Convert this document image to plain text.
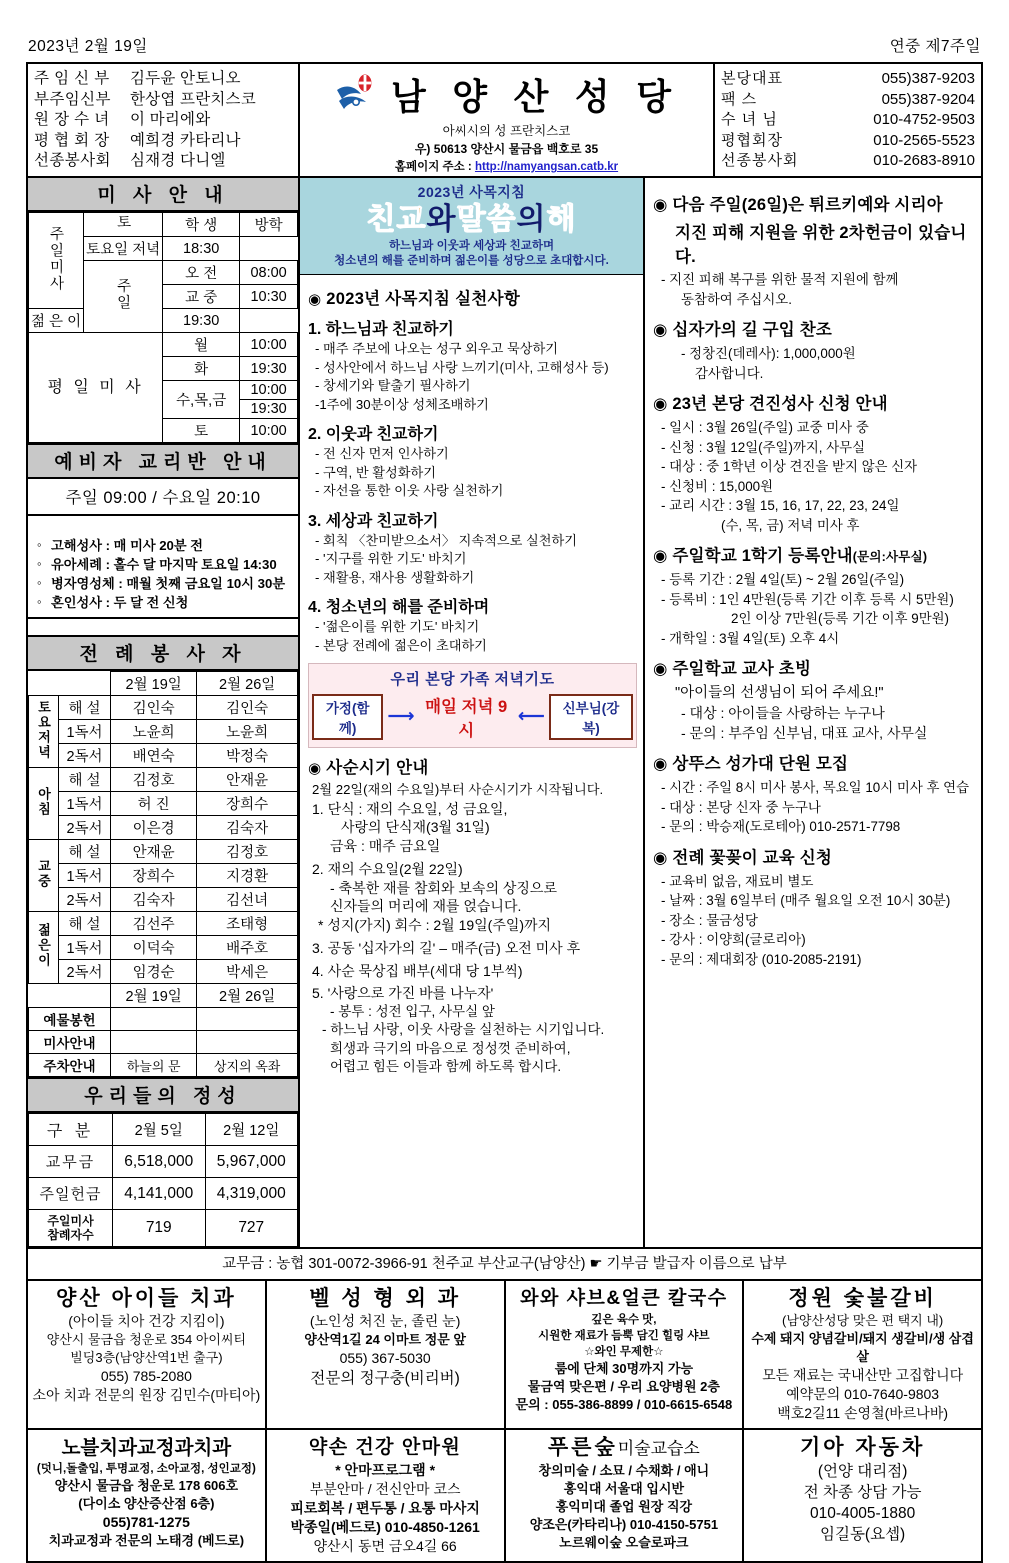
2023년 2월 19일	연중 제7주일
주 임 신 부	김두윤 안토니오
부주임신부	한상엽 프란치스코
원 장 수 녀	이 마리에와
평 협 회 장	예희경 카타리나
선종봉사회	심재경 다니엘
남 양 산 성 당
아씨시의 성 프란치스코
우) 50613 양산시 물금읍 백호로 35
홈페이지 주소 : http://namyangsan.catb.kr
본당대표	055)387-9203
팩 스	055)387-9204
수 녀 님	010-4752-9503
평협회장	010-2565-5523
선종봉사회	010-2683-8910
미 사 안 내
주일미사	토	학 생	방학
	토요일 저녁	18:30	
	주일	오 전	08:00
		교 중	10:30
젊 은 이		19:30	
평 일 미 사		월	10:00
		화	19:30
		수,목,금	10:00
			19:30
		토	10:00
예비자 교리반 안내
주일 09:00 / 수요일 20:10
◦ 고해성사 : 매 미사 20분 전
◦ 유아세례 : 홀수 달 마지막 토요일 14:30
◦ 병자영성체 : 매월 첫째 금요일 10시 30분
◦ 혼인성사 : 두 달 전 신청
전 례 봉 사 자
		2월 19일	2월 26일
토요저녁	해 설	김인숙	김인숙
	1독서	노윤희	노윤희
	2독서	배연숙	박정숙
아침	해 설	김정호	안재윤
	1독서	허 진	장희수
	2독서	이은경	김숙자
교중	해 설	안재윤	김정호
	1독서	장희수	지경환
	2독서	김숙자	김선녀
젊은이	해 설	김선주	조태형
	1독서	이덕숙	배주호
	2독서	임경순	박세은
		2월 19일	2월 26일
예물봉헌			
미사안내			
주차안내		하늘의 문	상지의 옥좌
우리들의 정성
구 분	2월 5일	2월 12일
교무금	6,518,000	5,967,000
주일헌금	4,141,000	4,319,000
주일미사
참례자수	719	727
2023년 사목지침
친교와말씀의해
하느님과 이웃과 세상과 친교하며
청소년의 해를 준비하며 젊은이를 성당으로 초대합시다.
◉ 2023년 사목지침 실천사항
1. 하느님과 친교하기
- 매주 주보에 나오는 성구 외우고 묵상하기
- 성사안에서 하느님 사랑 느끼기(미사, 고해성사 등)
- 창세기와 탈출기 필사하기
-1주에 30분이상 성체조배하기
2. 이웃과 친교하기
- 전 신자 먼저 인사하기
- 구역, 반 활성화하기
- 자선을 통한 이웃 사랑 실천하기
3. 세상과 친교하기
- 회칙 〈찬미받으소서〉 지속적으로 실천하기
- '지구를 위한 기도' 바치기
- 재활용, 재사용 생활화하기
4. 청소년의 해를 준비하며
- '젊은이를 위한 기도' 바치기
- 본당 전례에 젊은이 초대하기
우리 본당 가족 저녁기도
가정(함께)
⟶ 매일 저녁 9시
⟵	신부님(강복)
◉ 사순시기 안내
2월 22일(재의 수요일)부터 사순시기가 시작됩니다.
1. 단식 : 재의 수요일, 성 금요일,
사랑의 단식재(3월 31일)
금육 : 매주 금요일
2. 재의 수요일(2월 22일)
- 축복한 재를 참회와 보속의 상징으로
신자들의 머리에 재를 얹습니다.
* 성지(가지) 회수 : 2월 19일(주일)까지
3. 공동 '십자가의 길' – 매주(금) 오전 미사 후
4. 사순 묵상집 배부(세대 당 1부씩)
5. '사랑으로 가진 바를 나누자'
- 봉투 : 성전 입구, 사무실 앞
- 하느님 사랑, 이웃 사랑을 실천하는 시기입니다.
희생과 극기의 마음으로 정성껏 준비하여,
어렵고 힘든 이들과 함께 하도록 합시다.
◉ 다음 주일(26일)은 튀르키예와 시리아
지진 피해 지원을 위한 2차헌금이 있습니다.
- 지진 피해 복구를 위한 물적 지원에 함께
동참하여 주십시오.
◉ 십자가의 길 구입 찬조
- 정창진(데레사): 1,000,000원
감사합니다.
◉ 23년 본당 견진성사 신청 안내
- 일시 : 3월 26일(주일) 교중 미사 중
- 신청 : 3월 12일(주일)까지, 사무실
- 대상 : 중 1학년 이상 견진을 받지 않은 신자
- 신청비 : 15,000원
- 교리 시간 : 3월 15, 16, 17, 22, 23, 24일
(수, 목, 금) 저녁 미사 후
◉ 주일학교 1학기 등록안내(문의:사무실)
- 등록 기간 : 2월 4일(토) ~ 2월 26일(주일)
- 등록비 : 1인 4만원(등록 기간 이후 등록 시 5만원)
2인 이상 7만원(등록 기간 이후 9만원)
- 개학일 : 3월 4일(토) 오후 4시
◉ 주일학교 교사 초빙
"아이들의 선생님이 되어 주세요!"
- 대상 : 아이들을 사랑하는 누구나
- 문의 : 부주임 신부님, 대표 교사, 사무실
◉ 상뚜스 성가대 단원 모집
- 시간 : 주일 8시 미사 봉사, 목요일 10시 미사 후 연습
- 대상 : 본당 신자 중 누구나
- 문의 : 박승재(도로테아) 010-2571-7798
◉ 전례 꽃꽂이 교육 신청
- 교육비 없음, 재료비 별도
- 날짜 : 3월 6일부터 (매주 월요일 오전 10시 30분)
- 장소 : 물금성당
- 강사 : 이양희(글로리아)
- 문의 : 제대회장 (010-2085-2191)
교무금 : 농협 301-0072-3966-91 천주교 부산교구(남양산) ☛ 기부금 발급자 이름으로 납부
양산 아이들 치과
(아이들 치아 건강 지킴이)
양산시 물금읍 청운로 354 아이씨티
빌딩3층(남양산역1번 출구)
055) 785-2080
소아 치과 전문의 원장 김민수(마티아)
벨 성 형 외 과
(노인성 처진 눈, 졸린 눈)
양산역1길 24 이마트 정문 앞
055) 367-5030
전문의 정구충(비리버)
와와 샤브&얼큰 칼국수
깊은 육수 맛,
시원한 재료가 듬뿍 담긴 힐링 샤브
☆와인 무제한☆
룸에 단체 30명까지 가능
물금역 맞은편 / 우리 요양병원 2층
문의 : 055-386-8899 / 010-6615-6548
정원 숯불갈비
(남양산성당 맞은 편 택지 내)
수제 돼지 양념갈비/돼지 생갈비/생 삼겹살
모든 재료는 국내산만 고집합니다
예약문의 010-7640-9803
백호2길11 손영철(바르나바)
노블치과교정과치과
(덧니,돌출입, 투명교정, 소아교정, 성인교정)
양산시 물금읍 청운로 178 606호
(다이소 양산증산점 6층)
055)781-1275
치과교정과 전문의 노태경 (베드로)
약손 건강 안마원
* 안마프로그램 *
부분안마 / 전신안마 코스
피로회복 / 편두통 / 요통 마사지
박종일(베드로) 010-4850-1261
양산시 동면 금오4길 66
푸른숲미술교습소
창의미술 / 소묘 / 수채화 / 애니
홍익대 서울대 입시반
홍익미대 졸업 원장 직강
양조은(카타리나) 010-4150-5751
노르웨이숲 오슬로파크
기아 자동차
(언양 대리점)
전 차종 상담 가능
010-4005-1880
임길동(요셉)
